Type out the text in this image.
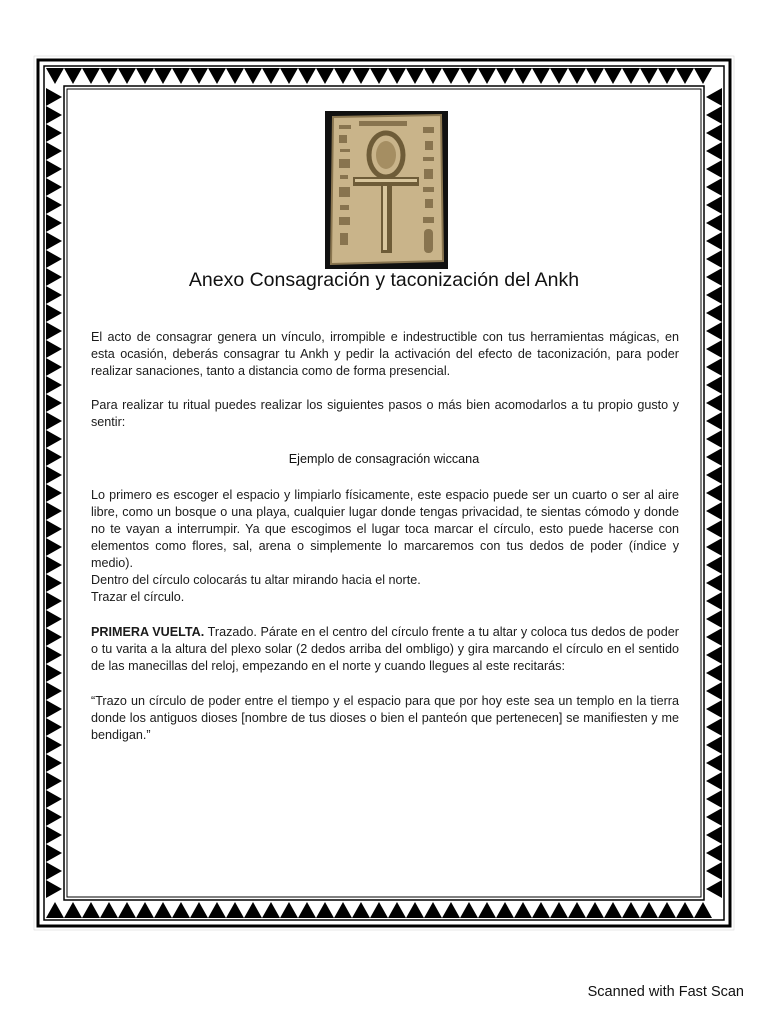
Anexo Consagración y taconización del Ankh

El acto de consagrar genera un vínculo, irrompible e indestructible con tus herramientas mágicas, en esta ocasión, deberás consagrar tu Ankh y pedir la activación del efecto de taconización, para poder realizar sanaciones, tanto a distancia como de forma presencial.

Para realizar tu ritual puedes realizar los siguientes pasos o más bien acomodarlos a tu propio gusto y sentir:

Ejemplo de consagración wiccana

Lo primero es escoger el espacio y limpiarlo físicamente, este espacio puede ser un cuarto o ser al aire libre, como un bosque o una playa, cualquier lugar donde tengas privacidad, te sientas cómodo y donde no te vayan a interrumpir. Ya que escogimos el lugar toca marcar el círculo, esto puede hacerse con elementos como flores, sal, arena o simplemente lo marcaremos con tus dedos de poder (índice y medio).

Dentro del círculo colocarás tu altar mirando hacia el norte.

Trazar el círculo.

PRIMERA VUELTA. Trazado. Párate en el centro del círculo frente a tu altar y coloca tus dedos de poder o tu varita a la altura del plexo solar (2 dedos arriba del ombligo) y gira marcando el círculo en el sentido de las manecillas del reloj, empezando en el norte y cuando llegues al este recitarás:

“Trazo un círculo de poder entre el tiempo y el espacio para que por hoy este sea un templo en la tierra donde los antiguos dioses [nombre de tus dioses o bien el panteón que pertenecen] se manifiesten y me bendigan.”

Scanned with Fast Scan
